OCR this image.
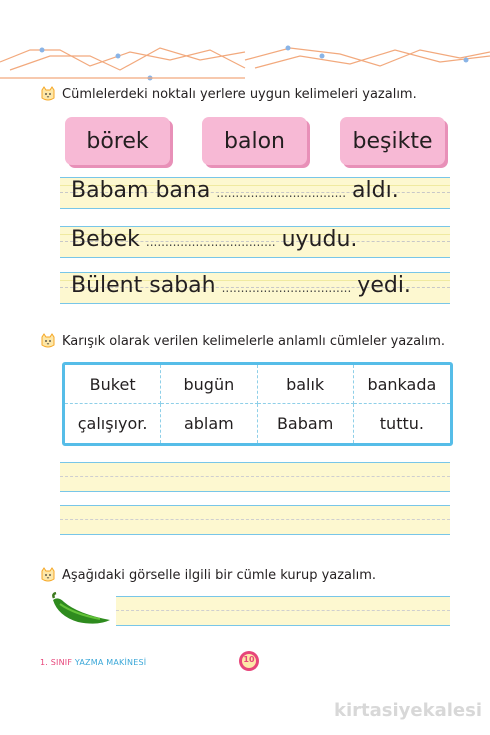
Cümlelerdeki noktalı yerlere uygun kelimeleri yazalım.
börek	balon	beşikte
Babam bana .................................. aldı.
Bebek .................................. uyudu.
Bülent sabah .................................. yedi.
Karışık olarak verilen kelimelerle anlamlı cümleler yazalım.
Buket	bugün	balık	bankada
çalışıyor.	ablam	Babam	tuttu.
Aşağıdaki görselle ilgili bir cümle kurup yazalım.
1. SINIF YAZMA MAKİNESİ	10
kirtasiyekalesi
